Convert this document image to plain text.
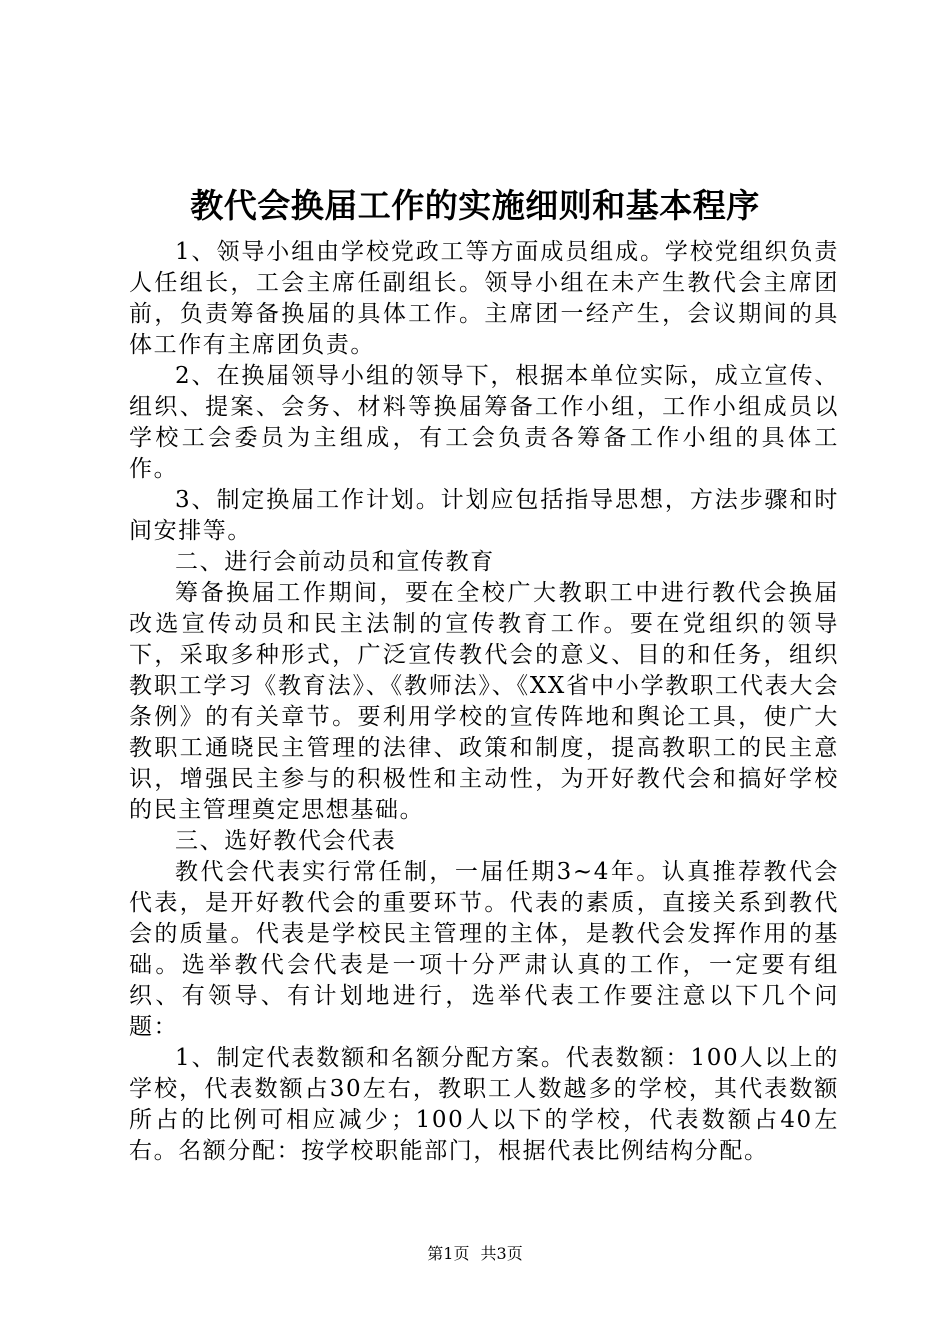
教代会换届工作的实施细则和基本程序

1、领导小组由学校党政工等方面成员组成。学校党组织负责人任组长，工会主席任副组长。领导小组在未产生教代会主席团前，负责筹备换届的具体工作。主席团一经产生，会议期间的具体工作有主席团负责。

2、在换届领导小组的领导下，根据本单位实际，成立宣传、组织、提案、会务、材料等换届筹备工作小组，工作小组成员以学校工会委员为主组成，有工会负责各筹备工作小组的具体工作。

3、制定换届工作计划。计划应包括指导思想，方法步骤和时间安排等。

二、进行会前动员和宣传教育

筹备换届工作期间，要在全校广大教职工中进行教代会换届改选宣传动员和民主法制的宣传教育工作。要在党组织的领导下，采取多种形式，广泛宣传教代会的意义、目的和任务，组织教职工学习《教育法》、《教师法》、《XX省中小学教职工代表大会条例》的有关章节。要利用学校的宣传阵地和舆论工具，使广大教职工通晓民主管理的法律、政策和制度，提高教职工的民主意识，增强民主参与的积极性和主动性，为开好教代会和搞好学校的民主管理奠定思想基础。

三、选好教代会代表

教代会代表实行常任制，一届任期3~4年。认真推荐教代会代表，是开好教代会的重要环节。代表的素质，直接关系到教代会的质量。代表是学校民主管理的主体，是教代会发挥作用的基础。选举教代会代表是一项十分严肃认真的工作，一定要有组织、有领导、有计划地进行，选举代表工作要注意以下几个问题：

1、制定代表数额和名额分配方案。代表数额：100人以上的学校，代表数额占30左右，教职工人数越多的学校，其代表数额所占的比例可相应减少；100人以下的学校，代表数额占40左右。名额分配：按学校职能部门，根据代表比例结构分配。

第1页 共3页
